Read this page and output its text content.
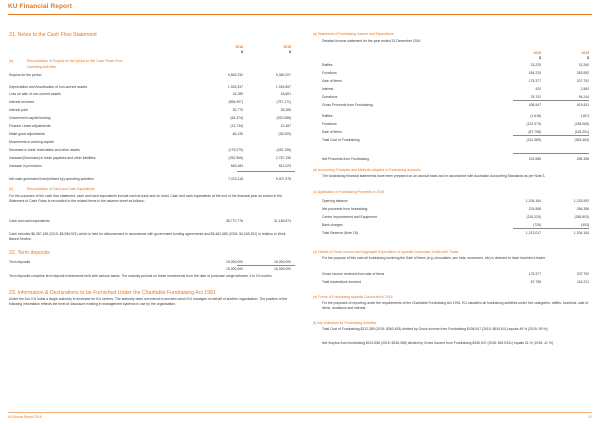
KU Financial Report
21. Notes to the Cash Flow Statement
2016	2015
$	$
(a)	Reconciliation of Surplus for the period to Net Cash Flows From
Operating Activities
Surplus for the period	5,563,232	5,360,207
Depreciation and Amortisation of non-current assets	1,933,337	1,915,857
Loss on sale of non-current assets	24,289	18,801
Interest received	(896,997)	(757,171)
Interest paid	30,770	25,265
Government capital funding	(65,374)	(520,088)
Finance Lease adjustments	(13,734)	12,487
Make good adjustments	66,135	(35,000)
Movements in working capital
Decrease in trade receivables and other assets	(179,070)	(182,196)
Increase/(Decrease) in trade payables and other liabilities	(252,966)	2,757,196
Increase in provisions	849,483	812,023
Net cash generated from/(utilised by) operating activities	7,023,118	9,407,975
(b)	Reconciliation of Cash and Cash Equivalents
For the purposes of the cash flow statement, cash and cash equivalents include cash at bank and on hand. Cash and cash equivalents at the end of the financial year as shown in the Statement of Cash Flows is reconciled to the related items in the balance sheet as follows:
Cash and cash equivalents	38,770,776	31,169,874
Cash includes $6,387,189 (2015: $6,056,921) which is held for disbursement in accordance with government funding agreements and $5,462,685 (2015: $4,045,251) in relation to Work Based Service.
22. Term deposits
Term deposits	15,000,000	16,000,000
15,000,000	16,000,000
Term deposits comprise term deposit investments held with various banks. The maturity periods on these investments from the date of purchase range between 3 to 10 months.
23. Information & Declarations to be Furnished Under the Charitable Fundraising Act 1991
Under the Act, KU holds a single authority to fundraise for KU centres. The authority does not extend to services which KU manages on behalf of another organisation. The position of the following information reflects the level of disclosure existing in management systems in use by the organisation.
(a) Statement of Fundraising Income and Expenditure
Detailed income statement for the year ended 31 December 2016
2016	2015
$	$
Raffles	23,225	31,260
Functions	184,225	283,952
Sale of Items	175,377	207,792
Interest	420	2,563
Donations	76,702	94,244
Gross Proceeds from Fundraising	436,947	619,811
Raffles	(1,618)	(187)
Functions	(122,973)	(248,065)
Sale of Items	(87,798)	(115,201)
Total Cost of Fundraising	(212,389)	(363,453)
Net Proceeds from Fundraising	224,558	256,358
(b) Accounting Principles and Methods adopted in Fundraising accounts
The fundraising financial statements have been prepared on an accrual basis and in accordance with Australian Accounting Standards as per Note 3.
(c) Application of Fundraising Proceeds in 2016
Opening balance	1,204,164	1,233,992
Net proceeds from fundraising	224,558	256,358
Centre Improvement and Equipment	(215,220)	(285,803)
Bank charges	(725)	(403)
Total Reserve (Note 15)	1,213,017	1,204,164
(d) Details of Gross Income and Aggregate Expenditure of Appeals Conducted Jointly with Trader
For the purpose of this note all fundraising involving the Sale of Items (e.g. chocolates, sun hats, sunscreen, etc) is deemed to have involved a trader.
Gross income received from sale of items	175,377	207,792
Total expenditure incurred	87,798	115,221
(e) Forms of Fundraising Appeals Conducted in 2016
For the purposes of reporting under the requirements of the Charitable Fundraising Act 1991, KU classifies all fundraising activities under five categories; raffles, functions, sale of items, donations and interest.
(f) Key Indicators for Fundraising Activities
Total Cost of Fundraising $212,389 (2015: $363,453) divided by Gross Income from Fundraising $436,947 (2015: $619,811) equals 49 % (2015: 59 %)
Net Surplus from fundraising $224,558 (2015: $256,358) divided by Gross Income from Fundraising $436,947 (2015: $619,811) equals 51 % (2015: 41 %)
KU Annual Report 2016	41
